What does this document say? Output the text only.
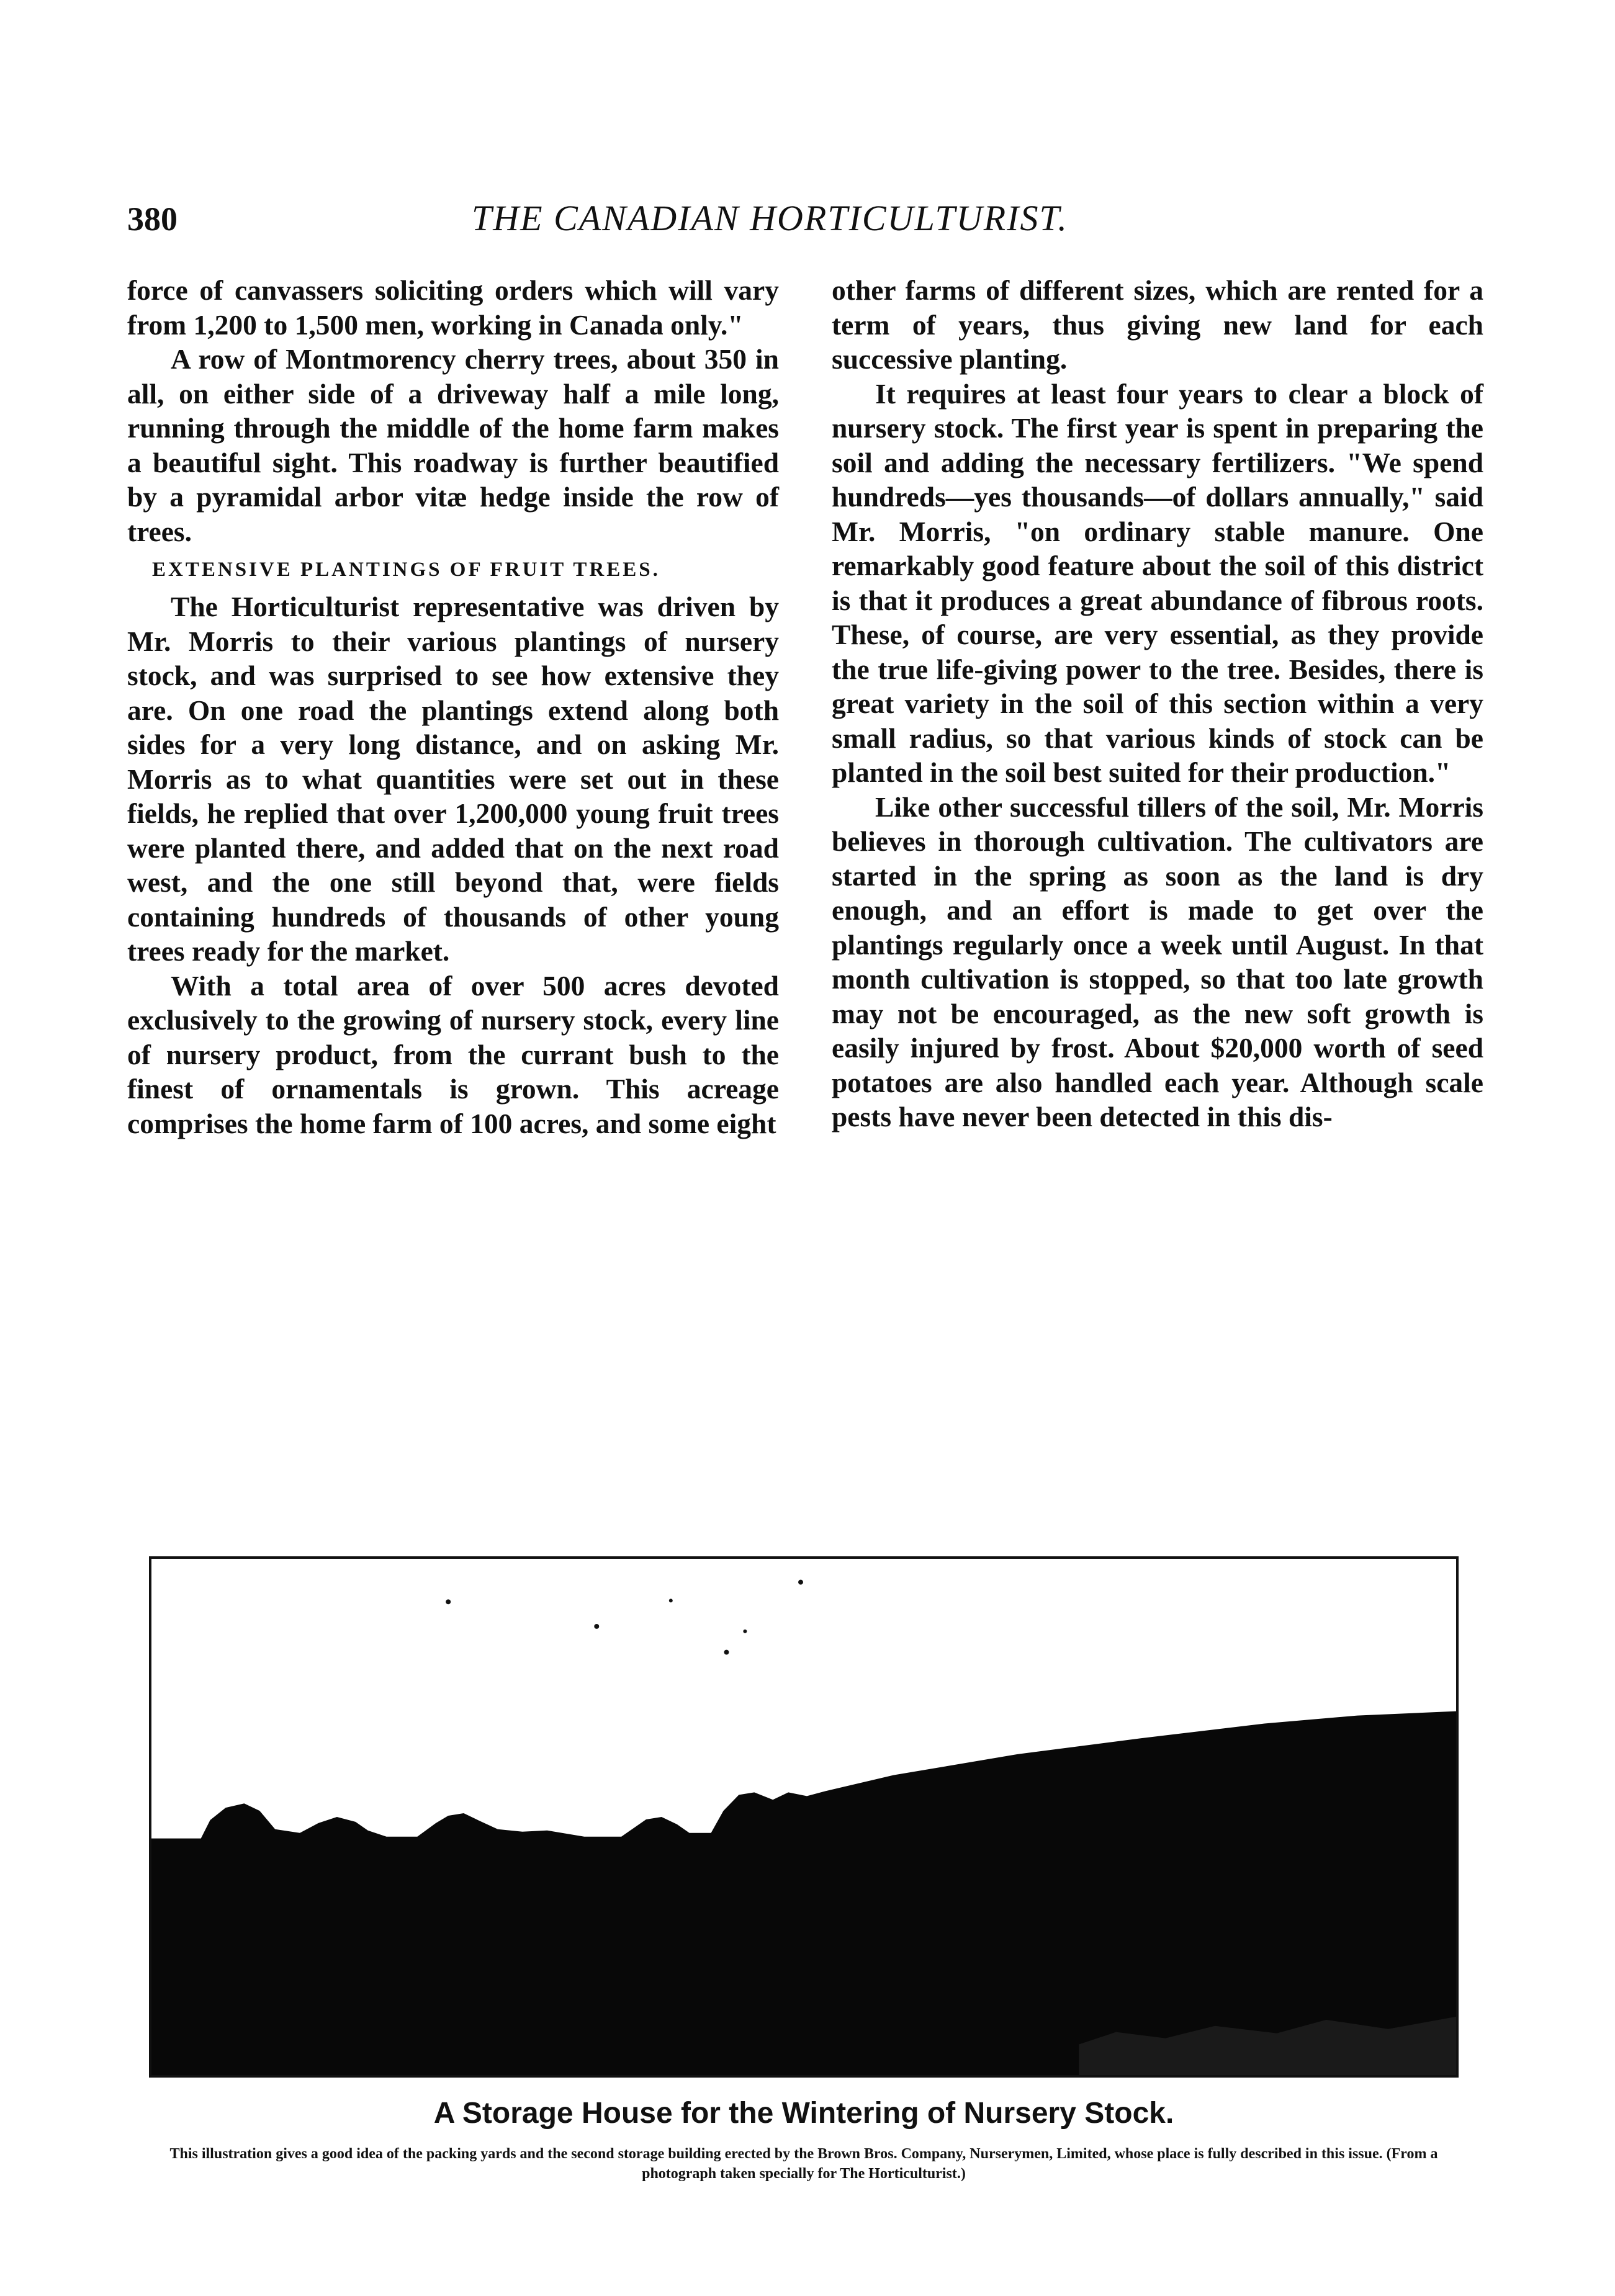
380	THE CANADIAN HORTICULTURIST.

force of canvassers soliciting orders which will vary from 1,200 to 1,500 men, working in Canada only."

A row of Montmorency cherry trees, about 350 in all, on either side of a driveway half a mile long, running through the middle of the home farm makes a beautiful sight. This roadway is further beautified by a pyramidal arbor vitæ hedge inside the row of trees.

EXTENSIVE PLANTINGS OF FRUIT TREES.

The Horticulturist representative was driven by Mr. Morris to their various plantings of nursery stock, and was surprised to see how extensive they are. On one road the plantings extend along both sides for a very long distance, and on asking Mr. Morris as to what quantities were set out in these fields, he replied that over 1,200,000 young fruit trees were planted there, and added that on the next road west, and the one still beyond that, were fields containing hundreds of thousands of other young trees ready for the market.

With a total area of over 500 acres devoted exclusively to the growing of nursery stock, every line of nursery product, from the currant bush to the finest of ornamentals is grown. This acreage comprises the home farm of 100 acres, and some eight

other farms of different sizes, which are rented for a term of years, thus giving new land for each successive planting.

It requires at least four years to clear a block of nursery stock. The first year is spent in preparing the soil and adding the necessary fertilizers. "We spend hundreds—yes thousands—of dollars annually," said Mr. Morris, "on ordinary stable manure. One remarkably good feature about the soil of this district is that it produces a great abundance of fibrous roots. These, of course, are very essential, as they provide the true life-giving power to the tree. Besides, there is great variety in the soil of this section within a very small radius, so that various kinds of stock can be planted in the soil best suited for their production."

Like other successful tillers of the soil, Mr. Morris believes in thorough cultivation. The cultivators are started in the spring as soon as the land is dry enough, and an effort is made to get over the plantings regularly once a week until August. In that month cultivation is stopped, so that too late growth may not be encouraged, as the new soft growth is easily injured by frost. About $20,000 worth of seed potatoes are also handled each year. Although scale pests have never been detected in this dis-

A Storage House for the Wintering of Nursery Stock.
This illustration gives a good idea of the packing yards and the second storage building erected by the Brown Bros. Company, Nurserymen, Limited, whose place is fully described in this issue. (From a photograph taken specially for The Horticulturist.)
